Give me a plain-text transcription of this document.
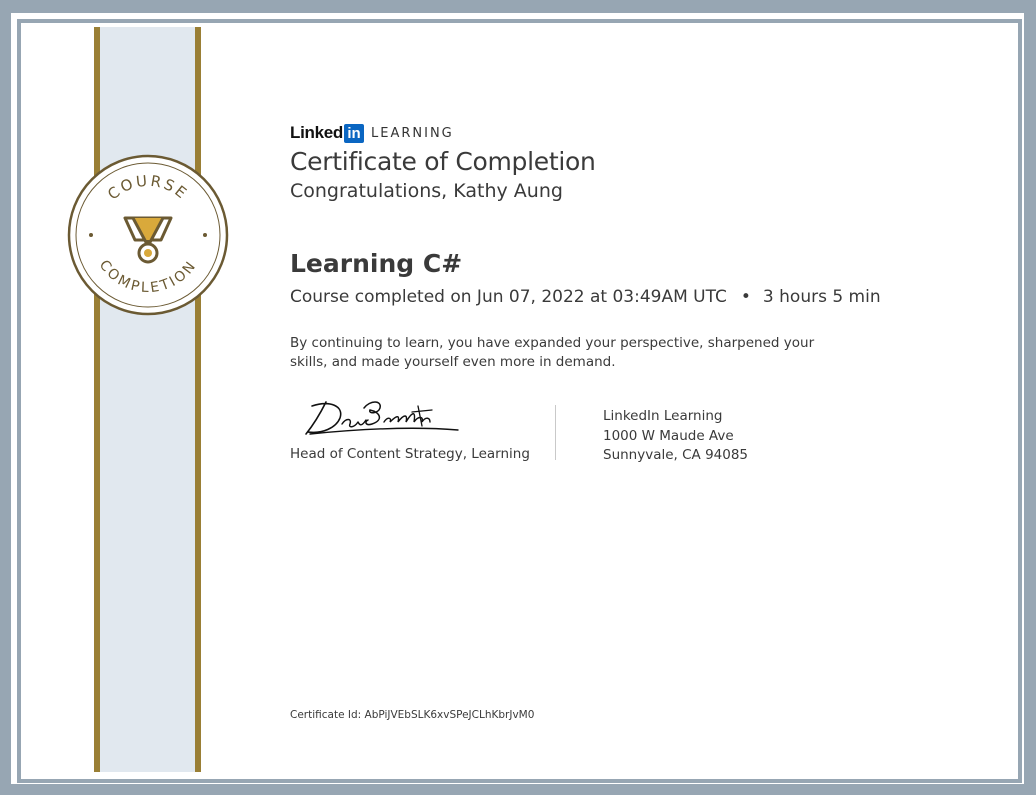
COURSE
COMPLETION
Linked in LEARNING
Certificate of Completion
Congratulations, Kathy Aung
Learning C#
Course completed on Jun 07, 2022 at 03:49AM UTC • 3 hours 5 min
By continuing to learn, you have expanded your perspective, sharpened your skills, and made yourself even more in demand.
Head of Content Strategy, Learning
LinkedIn Learning
1000 W Maude Ave
Sunnyvale, CA 94085
Certificate Id: AbPiJVEbSLK6xvSPeJCLhKbrJvM0
